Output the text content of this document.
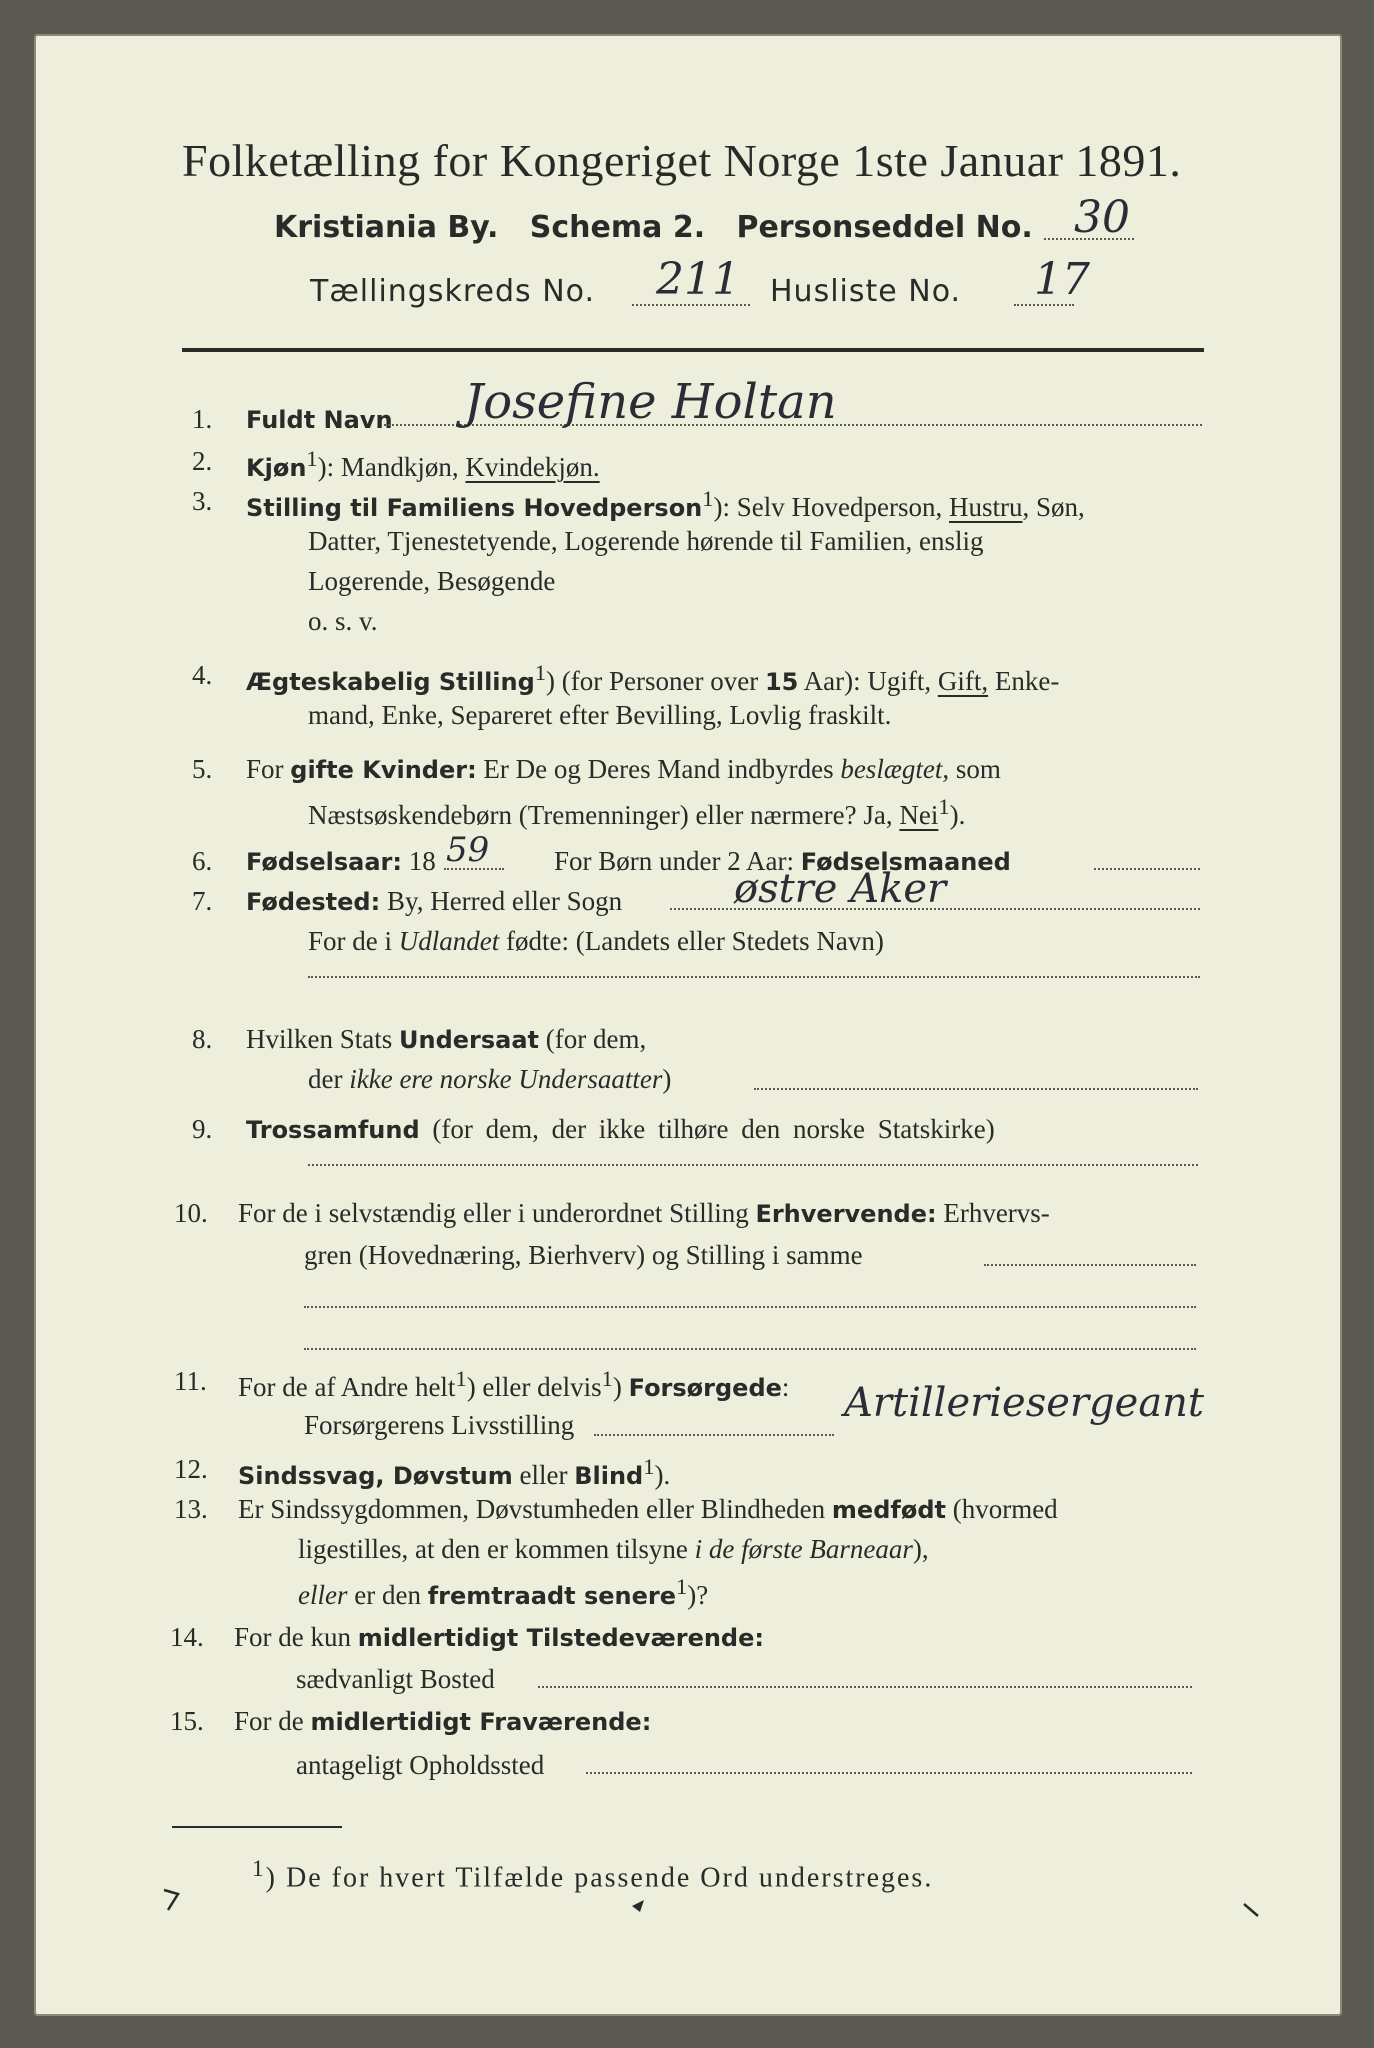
Folketælling for Kongeriget Norge 1ste Januar 1891.
Kristiania By. Schema 2. Personseddel No. 30
Tællingskreds No. 211 Husliste No. 17
1. Fuldt Navn Josefine Holtan
2. Kjøn$^1$): Mandkjøn, Kvindekjøn.
3. Stilling til Familiens Hovedperson$^1$): Selv Hovedperson, Hustru, Søn,
Datter, Tjenestetyende, Logerende hørende til Familien, enslig
Logerende, Besøgende
o. s. v.
4. Ægteskabelig Stilling$^1$) (for Personer over 15 Aar): Ugift, Gift, Enke-
mand, Enke, Separeret efter Bevilling, Lovlig fraskilt.
5. For gifte Kvinder: Er De og Deres Mand indbyrdes beslægtet, som
Næstsøskendebørn (Tremenninger) eller nærmere? Ja, Nei$^1$).
6. Fødselsaar: 18 59 For Børn under 2 Aar: Fødselsmaaned
7. Fødested: By, Herred eller Sogn	østre Aker
For de i Udlandet fødte: (Landets eller Stedets Navn)
8. Hvilken Stats Undersaat (for dem,
der ikke ere norske Undersaatter)
9. Trossamfund (for dem, der ikke tilhøre den norske Statskirke)
10. For de i selvstændig eller i underordnet Stilling Erhvervende: Erhvervs-
gren (Hovednæring, Bierhverv) og Stilling i samme
11. For de af Andre helt$^1$) eller delvis$^1$) Forsørgede:
Forsørgerens Livsstilling	Artilleriesergeant
12. Sindssvag, Døvstum eller Blind$^1$).
13. Er Sindssygdommen, Døvstumheden eller Blindheden medfødt (hvormed
ligestilles, at den er kommen tilsyne i de første Barneaar),
eller er den fremtraadt senere$^1$)?
14. For de kun midlertidigt Tilstedeværende:
sædvanligt Bosted
15. For de midlertidigt Fraværende:
antageligt Opholdssted
$^1$) De for hvert Tilfælde passende Ord understreges.
